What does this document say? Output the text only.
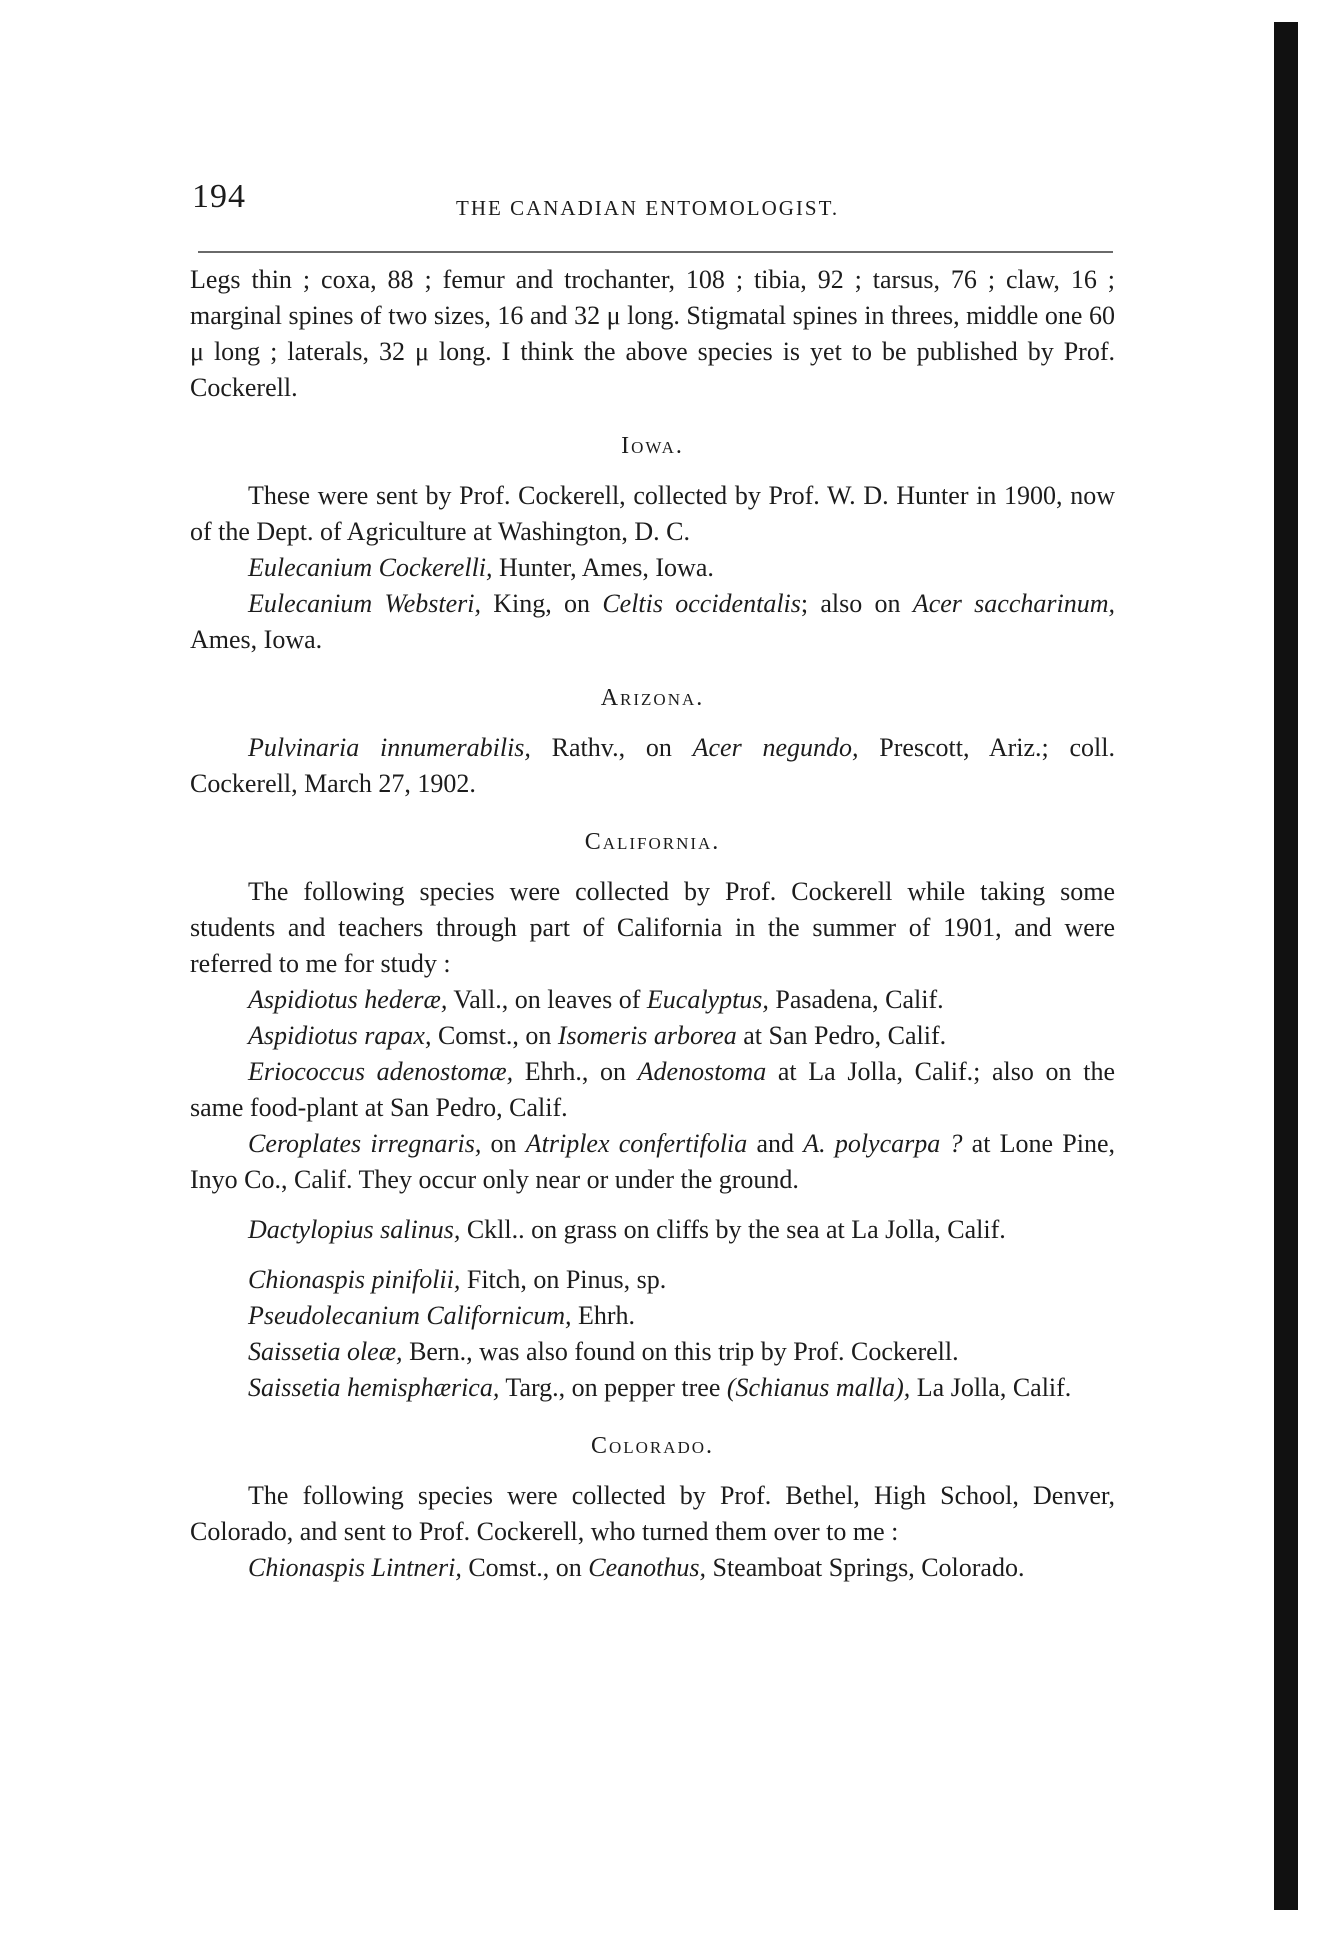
194	THE CANADIAN ENTOMOLOGIST.

Legs thin ; coxa, 88 ; femur and trochanter, 108 ; tibia, 92 ; tarsus, 76 ; claw, 16 ; marginal spines of two sizes, 16 and 32 μ long. Stigmatal spines in threes, middle one 60 μ long ; laterals, 32 μ long. I think the above species is yet to be published by Prof. Cockerell.

Iowa.

These were sent by Prof. Cockerell, collected by Prof. W. D. Hunter in 1900, now of the Dept. of Agriculture at Washington, D. C.

Eulecanium Cockerelli, Hunter, Ames, Iowa.

Eulecanium Websteri, King, on Celtis occidentalis; also on Acer saccharinum, Ames, Iowa.

Arizona.

Pulvinaria innumerabilis, Rathv., on Acer negundo, Prescott, Ariz.; coll. Cockerell, March 27, 1902.

California.

The following species were collected by Prof. Cockerell while taking some students and teachers through part of California in the summer of 1901, and were referred to me for study :

Aspidiotus hederæ, Vall., on leaves of Eucalyptus, Pasadena, Calif.

Aspidiotus rapax, Comst., on Isomeris arborea at San Pedro, Calif.

Eriococcus adenostomæ, Ehrh., on Adenostoma at La Jolla, Calif.; also on the same food-plant at San Pedro, Calif.

Ceroplates irregnaris, on Atriplex confertifolia and A. polycarpa ? at Lone Pine, Inyo Co., Calif. They occur only near or under the ground.

Dactylopius salinus, Ckll.. on grass on cliffs by the sea at La Jolla, Calif.

Chionaspis pinifolii, Fitch, on Pinus, sp.

Pseudolecanium Californicum, Ehrh.

Saissetia oleæ, Bern., was also found on this trip by Prof. Cockerell.

Saissetia hemisphærica, Targ., on pepper tree (Schianus malla), La Jolla, Calif.

Colorado.

The following species were collected by Prof. Bethel, High School, Denver, Colorado, and sent to Prof. Cockerell, who turned them over to me :

Chionaspis Lintneri, Comst., on Ceanothus, Steamboat Springs, Colorado.
